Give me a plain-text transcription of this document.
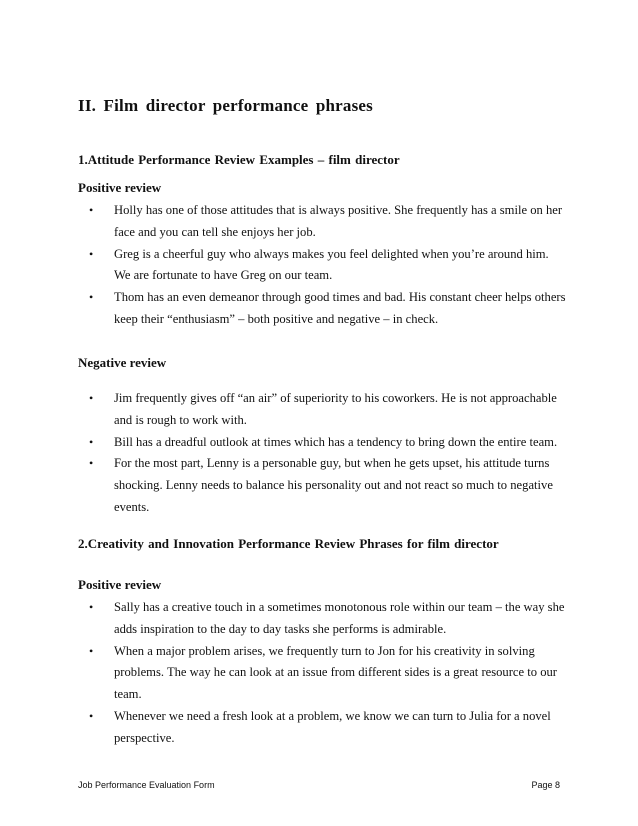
II. Film director performance phrases

1.Attitude Performance Review Examples – film director

Positive review

• Holly has one of those attitudes that is always positive. She frequently has a smile on her face and you can tell she enjoys her job.
• Greg is a cheerful guy who always makes you feel delighted when you’re around him. We are fortunate to have Greg on our team.
• Thom has an even demeanor through good times and bad. His constant cheer helps others keep their “enthusiasm” – both positive and negative – in check.

Negative review

• Jim frequently gives off “an air” of superiority to his coworkers. He is not approachable and is rough to work with.
• Bill has a dreadful outlook at times which has a tendency to bring down the entire team.
• For the most part, Lenny is a personable guy, but when he gets upset, his attitude turns shocking. Lenny needs to balance his personality out and not react so much to negative events.

2.Creativity and Innovation Performance Review Phrases for film director

Positive review

• Sally has a creative touch in a sometimes monotonous role within our team – the way she adds inspiration to the day to day tasks she performs is admirable.
• When a major problem arises, we frequently turn to Jon for his creativity in solving problems. The way he can look at an issue from different sides is a great resource to our team.
• Whenever we need a fresh look at a problem, we know we can turn to Julia for a novel perspective.
Job Performance Evaluation Form	Page 8
